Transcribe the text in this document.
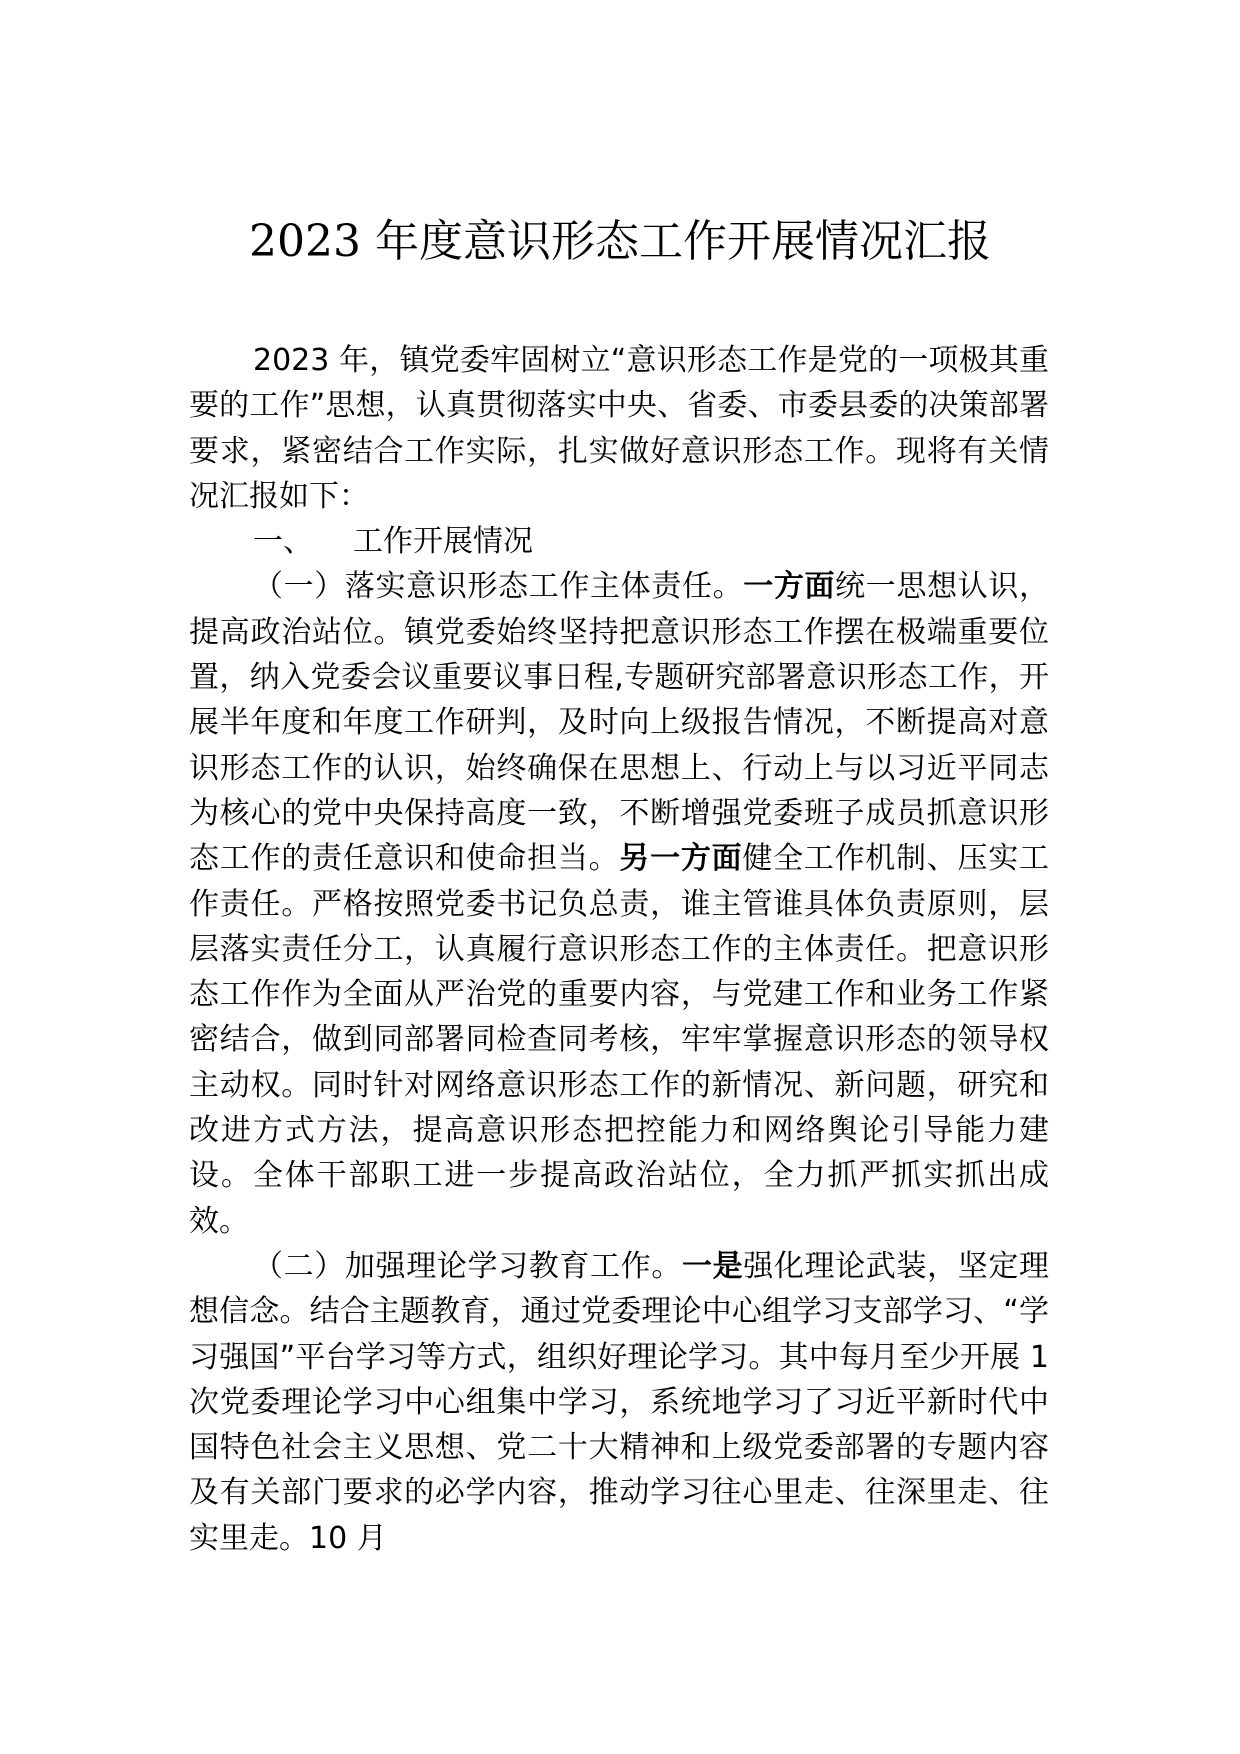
2023 年度意识形态工作开展情况汇报

2023 年，镇党委牢固树立“意识形态工作是党的一项极其重要的工作”思想，认真贯彻落实中央、省委、市委县委的决策部署要求，紧密结合工作实际，扎实做好意识形态工作。现将有关情况汇报如下：

一、 工作开展情况

（一）落实意识形态工作主体责任。一方面统一思想认识，提高政治站位。镇党委始终坚持把意识形态工作摆在极端重要位置，纳入党委会议重要议事日程,专题研究部署意识形态工作，开展半年度和年度工作研判，及时向上级报告情况，不断提高对意识形态工作的认识，始终确保在思想上、行动上与以习近平同志为核心的党中央保持高度一致，不断增强党委班子成员抓意识形态工作的责任意识和使命担当。另一方面健全工作机制、压实工作责任。严格按照党委书记负总责，谁主管谁具体负责原则，层层落实责任分工，认真履行意识形态工作的主体责任。把意识形态工作作为全面从严治党的重要内容，与党建工作和业务工作紧密结合，做到同部署同检查同考核，牢牢掌握意识形态的领导权主动权。同时针对网络意识形态工作的新情况、新问题，研究和改进方式方法，提高意识形态把控能力和网络舆论引导能力建设。全体干部职工进一步提高政治站位，全力抓严抓实抓出成效。

（二）加强理论学习教育工作。一是强化理论武装，坚定理想信念。结合主题教育，通过党委理论中心组学习支部学习、“学习强国”平台学习等方式，组织好理论学习。其中每月至少开展 1 次党委理论学习中心组集中学习，系统地学习了习近平新时代中国特色社会主义思想、党二十大精神和上级党委部署的专题内容及有关部门要求的必学内容，推动学习往心里走、往深里走、往实里走。10 月
